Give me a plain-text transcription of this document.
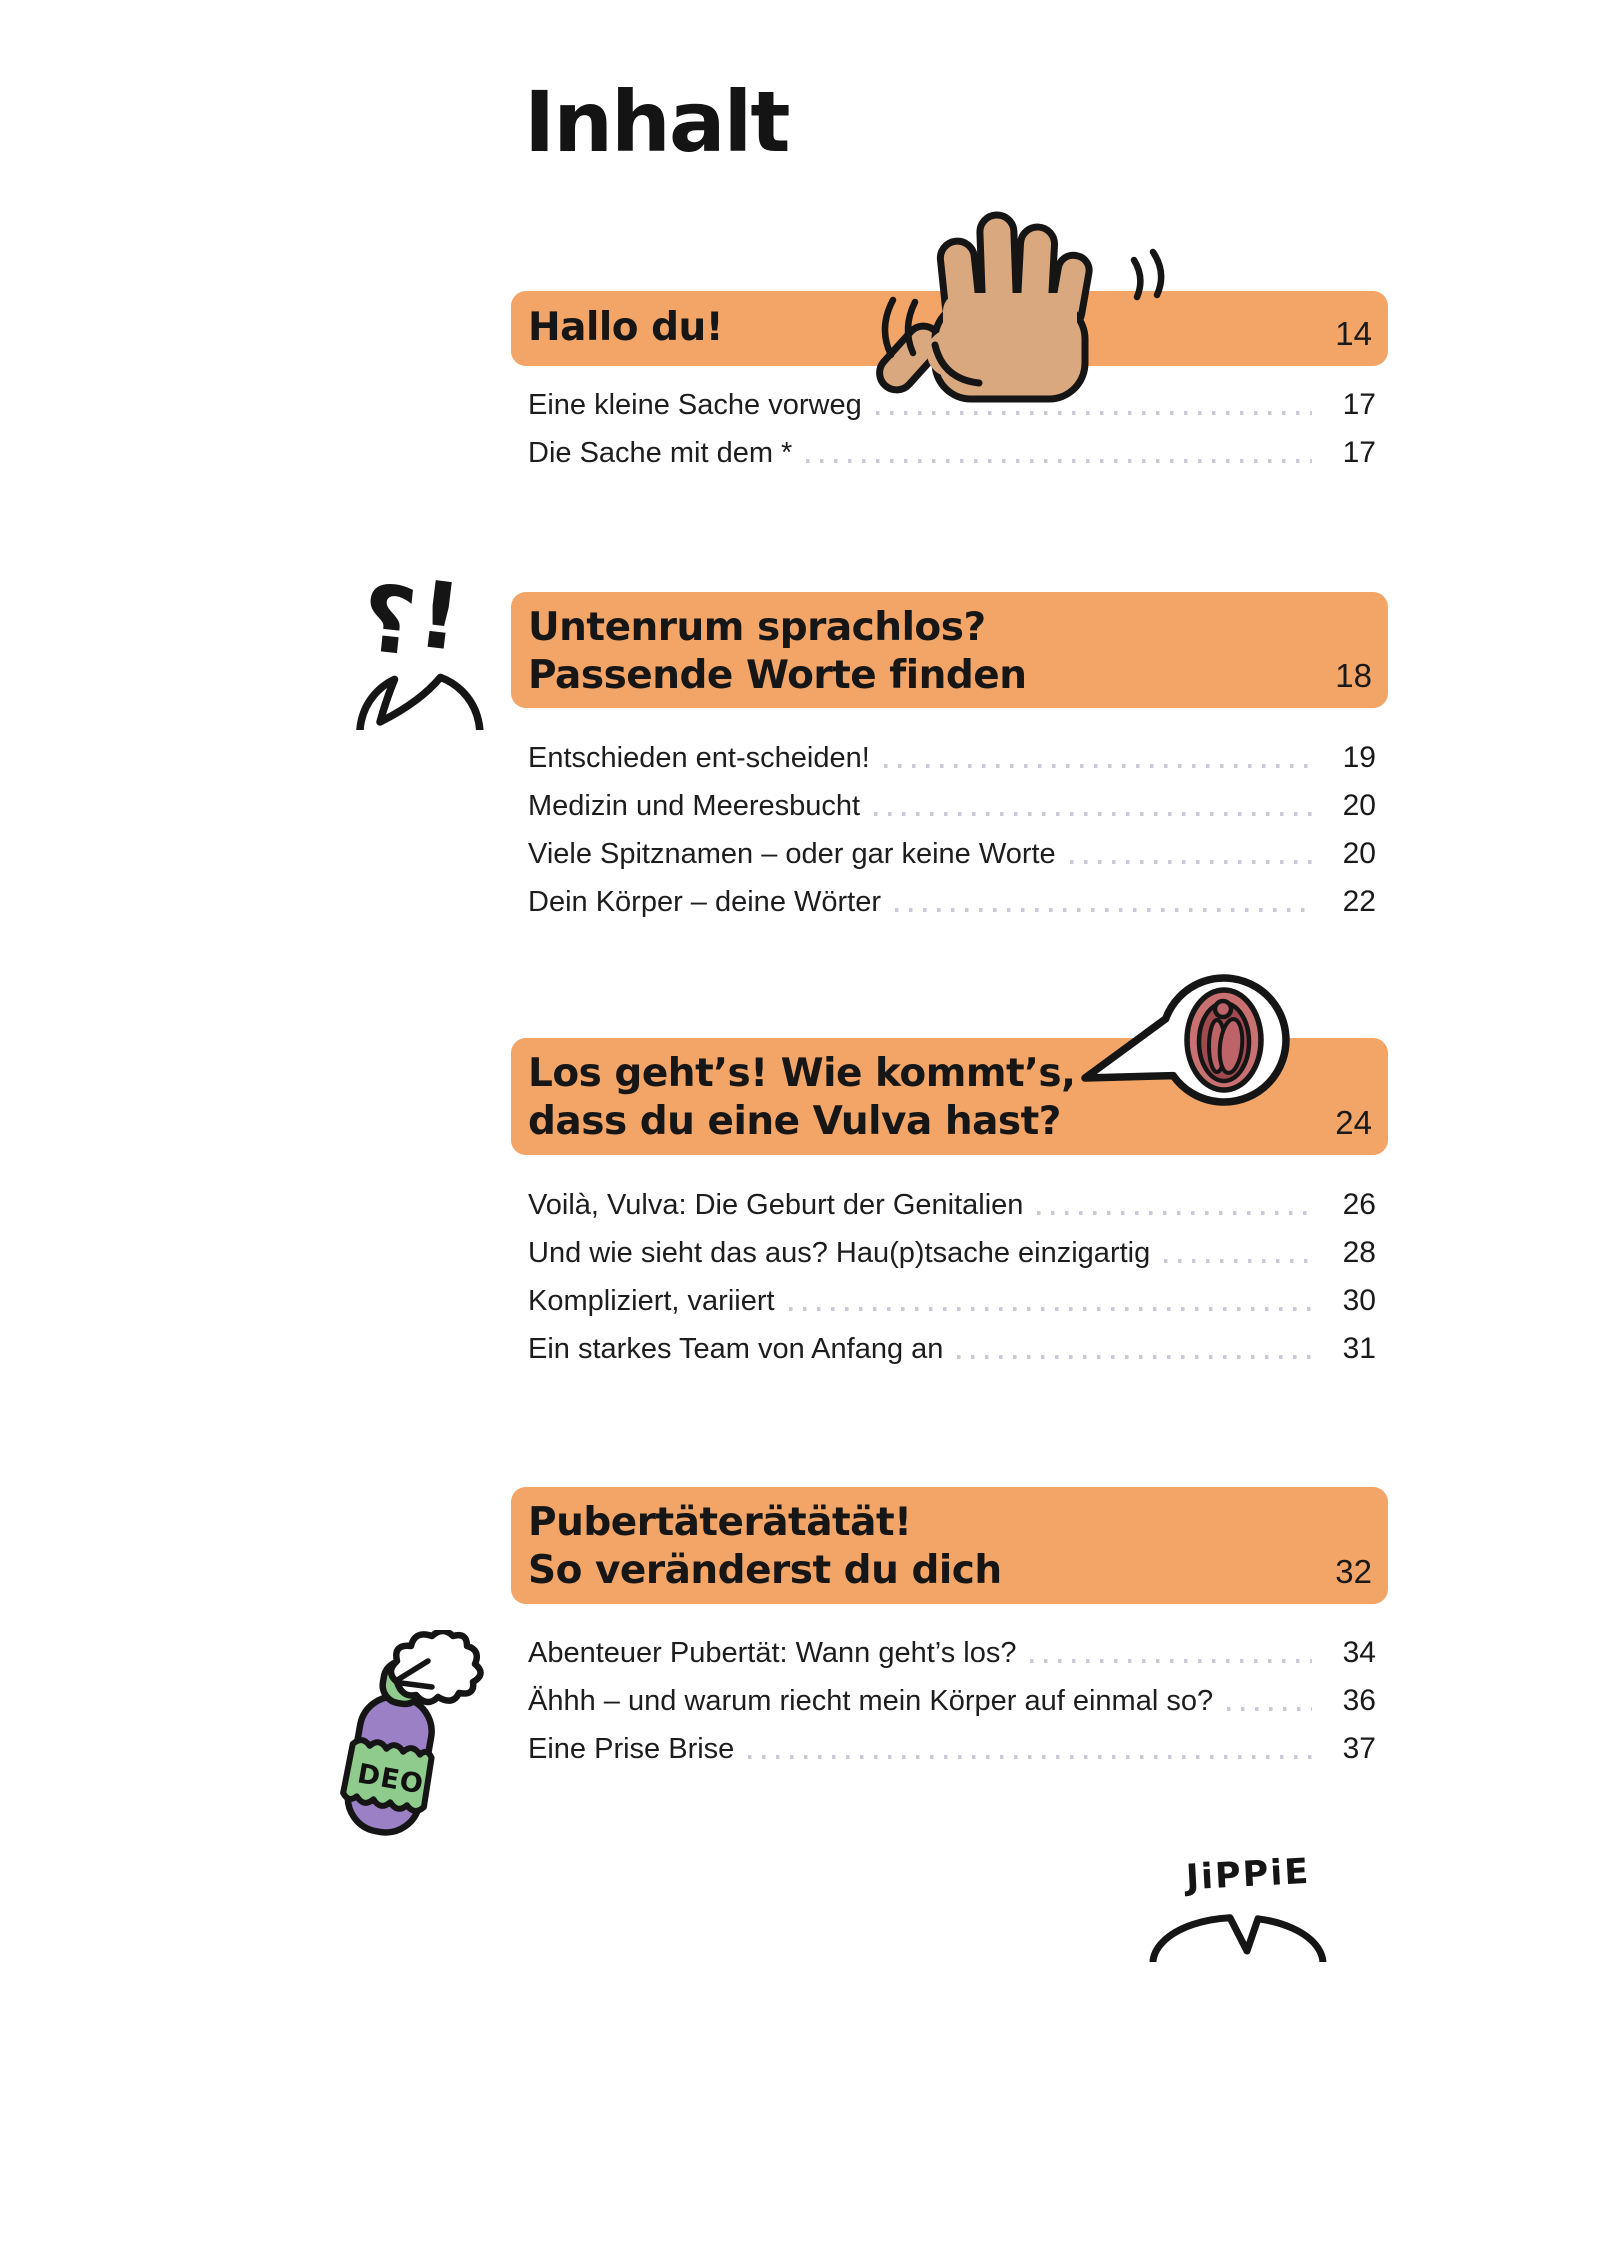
Inhalt
Hallo du!	14
Eine kleine Sache vorweg	17
Die Sache mit dem *	17
?
! Untenrum sprachlos?
Passende Worte finden	18
Entschieden ent-scheiden!	19
Medizin und Meeresbucht	20
Viele Spitznamen – oder gar keine Worte	20
Dein Körper – deine Wörter	22
Los geht’s! Wie kommt’s,
dass du eine Vulva hast?	24
Voilà, Vulva: Die Geburt der Genitalien	26
Und wie sieht das aus? Hau(p)tsache einzigartig	28
Kompliziert, variiert	30
Ein starkes Team von Anfang an	31
Pubertäterätätät!
So veränderst du dich	32
Abenteuer Pubertät: Wann geht’s los?	34
Ähhh – und warum riecht mein Körper auf einmal so?	36
Eine Prise Brise	37
DEO
JiPPiE
